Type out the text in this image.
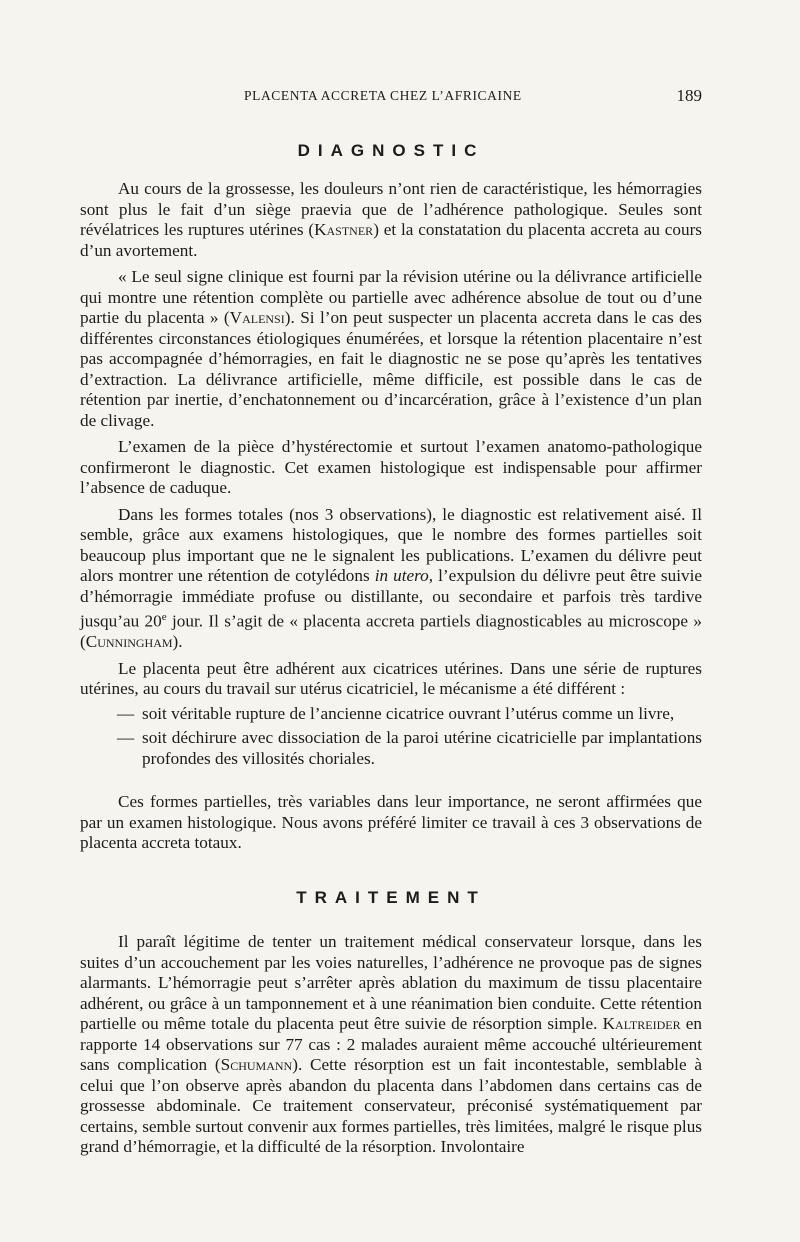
PLACENTA ACCRETA CHEZ L’AFRICAINE	189
DIAGNOSTIC

Au cours de la grossesse, les douleurs n’ont rien de caractéristique, les hémorragies sont plus le fait d’un siège praevia que de l’adhérence pathologique. Seules sont révélatrices les ruptures utérines (Kastner) et la constatation du placenta accreta au cours d’un avortement.

« Le seul signe clinique est fourni par la révision utérine ou la délivrance artificielle qui montre une rétention complète ou partielle avec adhérence absolue de tout ou d’une partie du placenta » (Valensi). Si l’on peut suspecter un placenta accreta dans le cas des différentes circonstances étiologiques énumérées, et lorsque la rétention placentaire n’est pas accompagnée d’hémorragies, en fait le diagnostic ne se pose qu’après les tentatives d’extraction. La délivrance artificielle, même difficile, est possible dans le cas de rétention par inertie, d’enchatonnement ou d’incarcération, grâce à l’existence d’un plan de clivage.

L’examen de la pièce d’hystérectomie et surtout l’examen anatomo-pathologique confirmeront le diagnostic. Cet examen histologique est indispensable pour affirmer l’absence de caduque.

Dans les formes totales (nos 3 observations), le diagnostic est relativement aisé. Il semble, grâce aux examens histologiques, que le nombre des formes partielles soit beaucoup plus important que ne le signalent les publications. L’examen du délivre peut alors montrer une rétention de cotylédons in utero, l’expulsion du délivre peut être suivie d’hémorragie immédiate profuse ou distillante, ou secondaire et parfois très tardive jusqu’au 20e jour. Il s’agit de « placenta accreta partiels diagnosticables au microscope » (Cunningham).

Le placenta peut être adhérent aux cicatrices utérines. Dans une série de ruptures utérines, au cours du travail sur utérus cicatriciel, le mécanisme a été différent :

— soit véritable rupture de l’ancienne cicatrice ouvrant l’utérus comme un livre,
— soit déchirure avec dissociation de la paroi utérine cicatricielle par implantations profondes des villosités choriales.

Ces formes partielles, très variables dans leur importance, ne seront affirmées que par un examen histologique. Nous avons préféré limiter ce travail à ces 3 observations de placenta accreta totaux.

TRAITEMENT

Il paraît légitime de tenter un traitement médical conservateur lorsque, dans les suites d’un accouchement par les voies naturelles, l’adhérence ne provoque pas de signes alarmants. L’hémorragie peut s’arrêter après ablation du maximum de tissu placentaire adhérent, ou grâce à un tamponnement et à une réanimation bien conduite. Cette rétention partielle ou même totale du placenta peut être suivie de résorption simple. Kaltreider en rapporte 14 observations sur 77 cas : 2 malades auraient même accouché ultérieurement sans complication (Schumann). Cette résorption est un fait incontestable, semblable à celui que l’on observe après abandon du placenta dans l’abdomen dans certains cas de grossesse abdominale. Ce traitement conservateur, préconisé systématiquement par certains, semble surtout convenir aux formes partielles, très limitées, malgré le risque plus grand d’hémorragie, et la difficulté de la résorption. Involontaire
